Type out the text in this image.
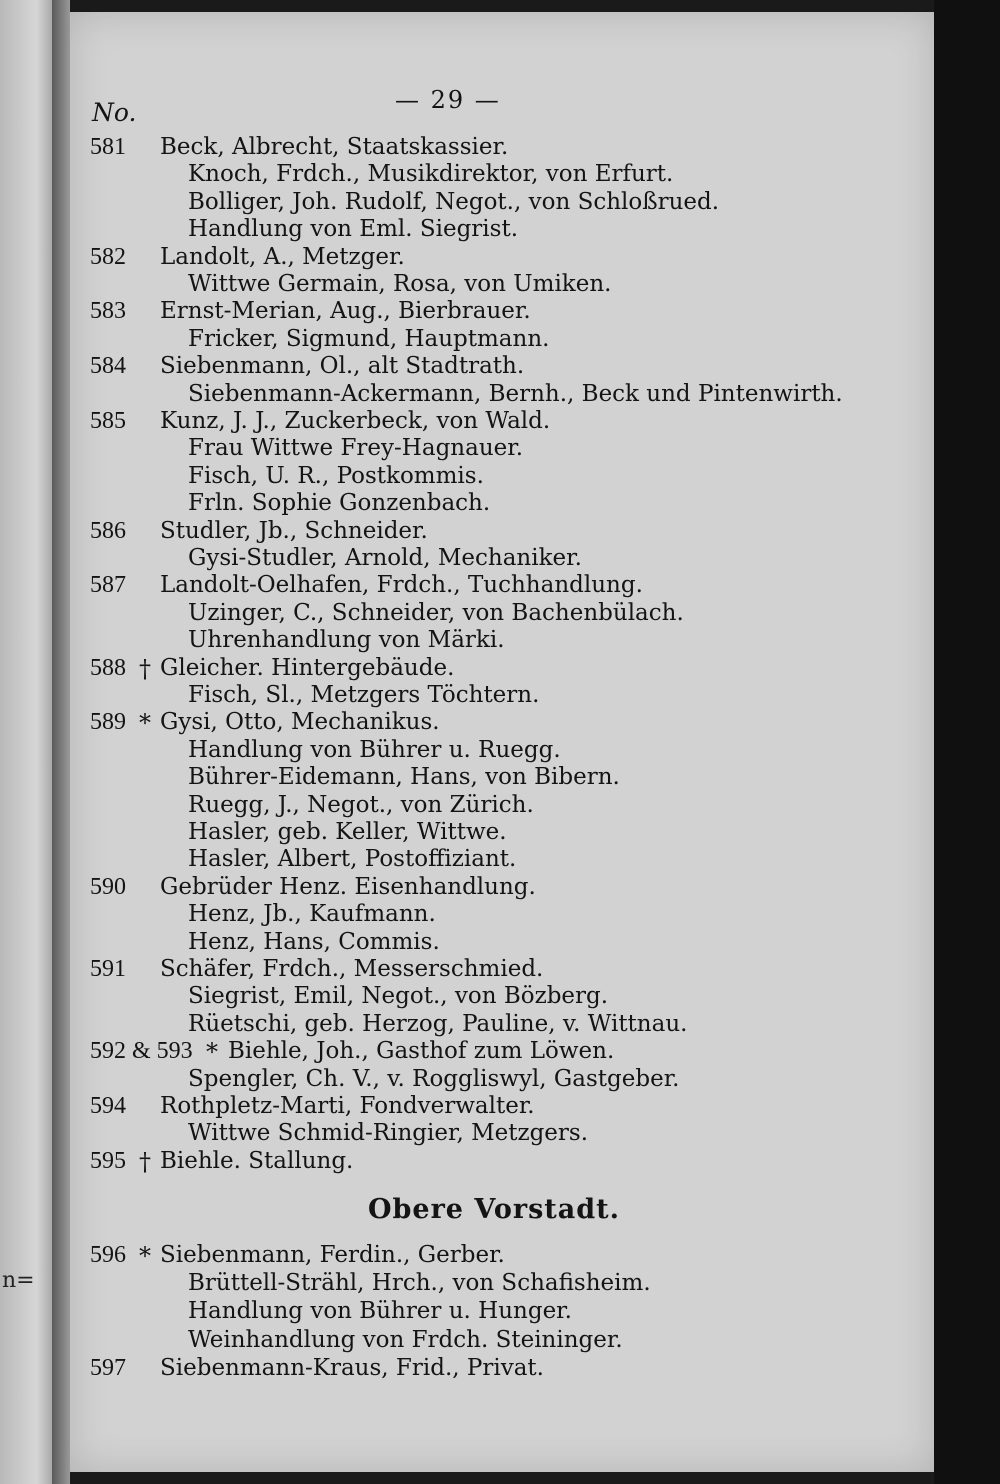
n=
— 29 —
No.
581 Beck, Albrecht, Staatskassier.
Knoch, Frdch., Musikdirektor, von Erfurt.
Bolliger, Joh. Rudolf, Negot., von Schloßrued.
Handlung von Eml. Siegrist.
582 Landolt, A., Metzger.
Wittwe Germain, Rosa, von Umiken.
583 Ernst-Merian, Aug., Bierbrauer.
Fricker, Sigmund, Hauptmann.
584 Siebenmann, Ol., alt Stadtrath.
Siebenmann-Ackermann, Bernh., Beck und Pintenwirth.
585 Kunz, J. J., Zuckerbeck, von Wald.
Frau Wittwe Frey-Hagnauer.
Fisch, U. R., Postkommis.
Frln. Sophie Gonzenbach.
586 Studler, Jb., Schneider.
Gysi-Studler, Arnold, Mechaniker.
587 Landolt-Oelhafen, Frdch., Tuchhandlung.
Uzinger, C., Schneider, von Bachenbülach.
Uhrenhandlung von Märki.
588 † Gleicher. Hintergebäude.
Fisch, Sl., Metzgers Töchtern.
589 * Gysi, Otto, Mechanikus.
Handlung von Bührer u. Ruegg.
Bührer-Eidemann, Hans, von Bibern.
Ruegg, J., Negot., von Zürich.
Hasler, geb. Keller, Wittwe.
Hasler, Albert, Postoffiziant.
590 Gebrüder Henz. Eisenhandlung.
Henz, Jb., Kaufmann.
Henz, Hans, Commis.
591 Schäfer, Frdch., Messerschmied.
Siegrist, Emil, Negot., von Bözberg.
Rüetschi, geb. Herzog, Pauline, v. Wittnau.
592 & 593 * Biehle, Joh., Gasthof zum Löwen.
Spengler, Ch. V., v. Roggliswyl, Gastgeber.
594 Rothpletz-Marti, Fondverwalter.
Wittwe Schmid-Ringier, Metzgers.
595 † Biehle. Stallung.
Obere Vorstadt.
596 * Siebenmann, Ferdin., Gerber.
Brüttell-Strähl, Hrch., von Schafisheim.
Handlung von Bührer u. Hunger.
Weinhandlung von Frdch. Steininger.
597 Siebenmann-Kraus, Frid., Privat.
